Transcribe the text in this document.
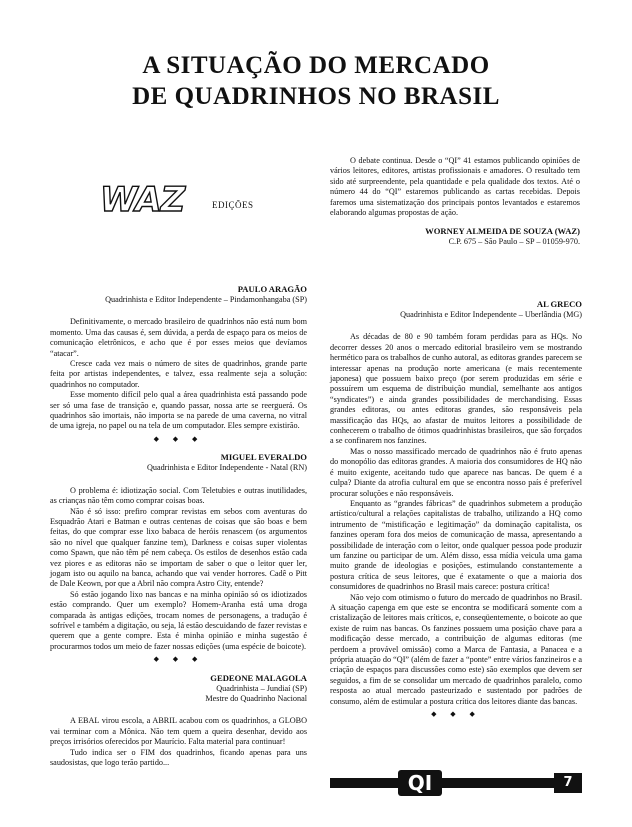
A SITUAÇÃO DO MERCADO
DE QUADRINHOS NO BRASIL
WAZ	EDIÇÕES

O debate continua. Desde o “QI” 41 estamos publicando opiniões de vários leitores, editores, artistas profissionais e amadores. O resultado tem sido até surpreendente, pela quantidade e pela qualidade dos textos. Até o número 44 do “QI” estaremos publicando as cartas recebidas. Depois faremos uma sistematização dos principais pontos levantados e estaremos elaborando algumas propostas de ação.

WORNEY ALMEIDA DE SOUZA (WAZ)
C.P. 675 – São Paulo – SP – 01059-970.
PAULO ARAGÃO
Quadrinhista e Editor Independente – Pindamonhangaba (SP)

Definitivamente, o mercado brasileiro de quadrinhos não está num bom momento. Uma das causas é, sem dúvida, a perda de espaço para os meios de comunicação eletrônicos, e acho que é por esses meios que devíamos “atacar”.

Cresce cada vez mais o número de sites de quadrinhos, grande parte feita por artistas independentes, e talvez, essa realmente seja a solução: quadrinhos no computador.

Esse momento difícil pelo qual a área quadrinhista está passando pode ser só uma fase de transição e, quando passar, nossa arte se reerguerá. Os quadrinhos são imortais, não importa se na parede de uma caverna, no vitral de uma igreja, no papel ou na tela de um computador. Eles sempre existirão.

◆ ◆ ◆
MIGUEL EVERALDO
Quadrinhista e Editor Independente - Natal (RN)

O problema é: idiotização social. Com Teletubies e outras inutilidades, as crianças não têm como comprar coisas boas.

Não é só isso: prefiro comprar revistas em sebos com aventuras do Esquadrão Atari e Batman e outras centenas de coisas que são boas e bem feitas, do que comprar esse lixo babaca de heróis renascem (os argumentos são no nível que qualquer fanzine tem), Darkness e coisas super violentas como Spawn, que não têm pé nem cabeça. Os estilos de desenhos estão cada vez piores e as editoras não se importam de saber o que o leitor quer ler, jogam isto ou aquilo na banca, achando que vai vender horrores. Cadê o Pitt de Dale Keown, por que a Abril não compra Astro City, entende?

Só estão jogando lixo nas bancas e na minha opinião só os idiotizados estão comprando. Quer um exemplo? Homem-Aranha está uma droga comparada às antigas edições, trocam nomes de personagens, a tradução é sofrível e também a digitação, ou seja, lá estão descuidando de fazer revistas e querem que a gente compre. Esta é minha opinião e minha sugestão é procurarmos todos um meio de fazer nossas edições (uma espécie de boicote).

◆ ◆ ◆
GEDEONE MALAGOLA
Quadrinhista – Jundiaí (SP)
Mestre do Quadrinho Nacional

A EBAL virou escola, a ABRIL acabou com os quadrinhos, a GLOBO vai terminar com a Mônica. Não tem quem a queira desenhar, devido aos preços irrisórios oferecidos por Maurício. Falta material para continuar!

Tudo indica ser o FIM dos quadrinhos, ficando apenas para uns saudosistas, que logo terão partido...

AL GRECO
Quadrinhista e Editor Independente – Uberlândia (MG)

As décadas de 80 e 90 também foram perdidas para as HQs. No decorrer desses 20 anos o mercado editorial brasileiro vem se mostrando hermético para os trabalhos de cunho autoral, as editoras grandes parecem se interessar apenas na produção norte americana (e mais recentemente japonesa) que possuem baixo preço (por serem produzidas em série e possuírem um esquema de distribuição mundial, semelhante aos antigos “syndicates”) e ainda grandes possibilidades de merchandising. Essas grandes editoras, ou antes editoras grandes, são responsáveis pela massificação das HQs, ao afastar de muitos leitores a possibilidade de conhecerem o trabalho de ótimos quadrinhistas brasileiros, que são forçados a se confinarem nos fanzines.

Mas o nosso massificado mercado de quadrinhos não é fruto apenas do monopólio das editoras grandes. A maioria dos consumidores de HQ não é muito exigente, aceitando tudo que aparece nas bancas. De quem é a culpa? Diante da atrofia cultural em que se encontra nosso país é preferível procurar soluções e não responsáveis.

Enquanto as “grandes fábricas” de quadrinhos submetem a produção artístico/cultural a relações capitalistas de trabalho, utilizando a HQ como intrumento de “mistificação e legitimação” da dominação capitalista, os fanzines operam fora dos meios de comunicação de massa, apresentando a possibilidade de interação com o leitor, onde qualquer pessoa pode produzir um fanzine ou participar de um. Além disso, essa mídia veicula uma gama muito grande de ideologias e posições, estimulando constantemente a postura crítica de seus leitores, que é exatamente o que a maioria dos consumidores de quadrinhos no Brasil mais carece: postura crítica!

Não vejo com otimismo o futuro do mercado de quadrinhos no Brasil. A situação capenga em que este se encontra se modificará somente com a cristalização de leitores mais críticos, e, conseqüentemente, o boicote ao que existe de ruim nas bancas. Os fanzines possuem uma posição chave para a modificação desse mercado, a contribuição de algumas editoras (me perdoem a provável omissão) como a Marca de Fantasia, a Panacea e a própria atuação do “QI” (além de fazer a “ponte” entre vários fanzineiros e a criação de espaços para discussões como este) são exemplos que devem ser seguidos, a fim de se consolidar um mercado de quadrinhos paralelo, como resposta ao atual mercado pasteurizado e sustentado por padrões de consumo, além de estimular a postura crítica dos leitores diante das bancas.

◆ ◆ ◆
QI	7
